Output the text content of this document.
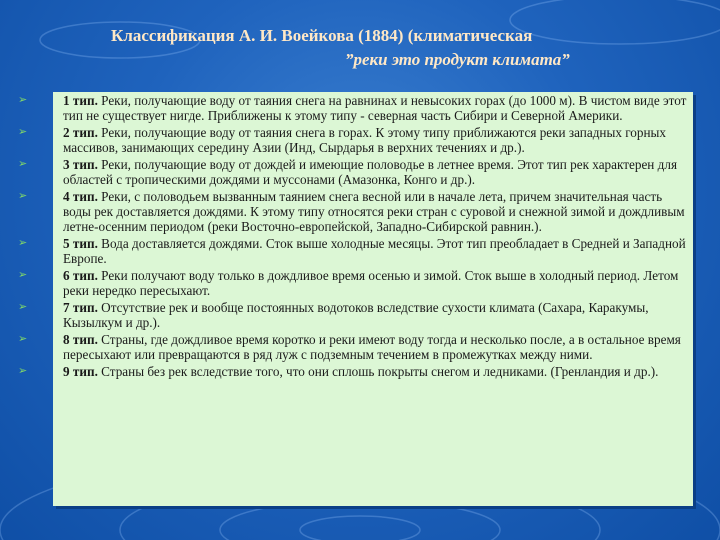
Классификация А. И. Воейкова (1884) (климатическая
”реки это продукт климата”
➢	1 тип. Реки, получающие воду от таяния снега на равнинах и невысоких горах (до 1000 м). В чистом виде этот тип не существует нигде. Приближены к этому типу - северная часть Сибири и Северной Америки.
➢	2 тип. Реки, получающие воду от таяния снега в горах. К этому типу приближаются реки западных горных массивов, занимающих середину Азии (Инд, Сырдарья в верхних течениях и др.).
➢	3 тип. Реки, получающие воду от дождей и имеющие половодье в летнее время. Этот тип рек характерен для областей с тропическими дождями и муссонами (Амазонка, Конго и др.).
➢	4 тип. Реки, с половодьем вызванным таянием снега весной или в начале лета, причем значительная часть воды рек доставляется дождями. К этому типу относятся реки стран с суровой и снежной зимой и дождливым летне-осенним периодом (реки Восточно-европейской, Западно-Сибирской равнин.).
➢	5 тип. Вода доставляется дождями. Сток выше холодные месяцы. Этот тип преобладает в Средней и Западной Европе.
➢	6 тип. Реки получают воду только в дождливое время осенью и зимой. Сток выше в холодный период. Летом реки нередко пересыхают.
➢	7 тип. Отсутствие рек и вообще постоянных водотоков вследствие сухости климата (Сахара, Каракумы, Кызылкум и др.).
➢	8 тип. Страны, где дождливое время коротко и реки имеют воду тогда и несколько после, а в остальное время пересыхают или превращаются в ряд луж с подземным течением в промежутках между ними.
➢	9 тип. Страны без рек вследствие того, что они сплошь покрыты снегом и ледниками. (Гренландия и др.).
